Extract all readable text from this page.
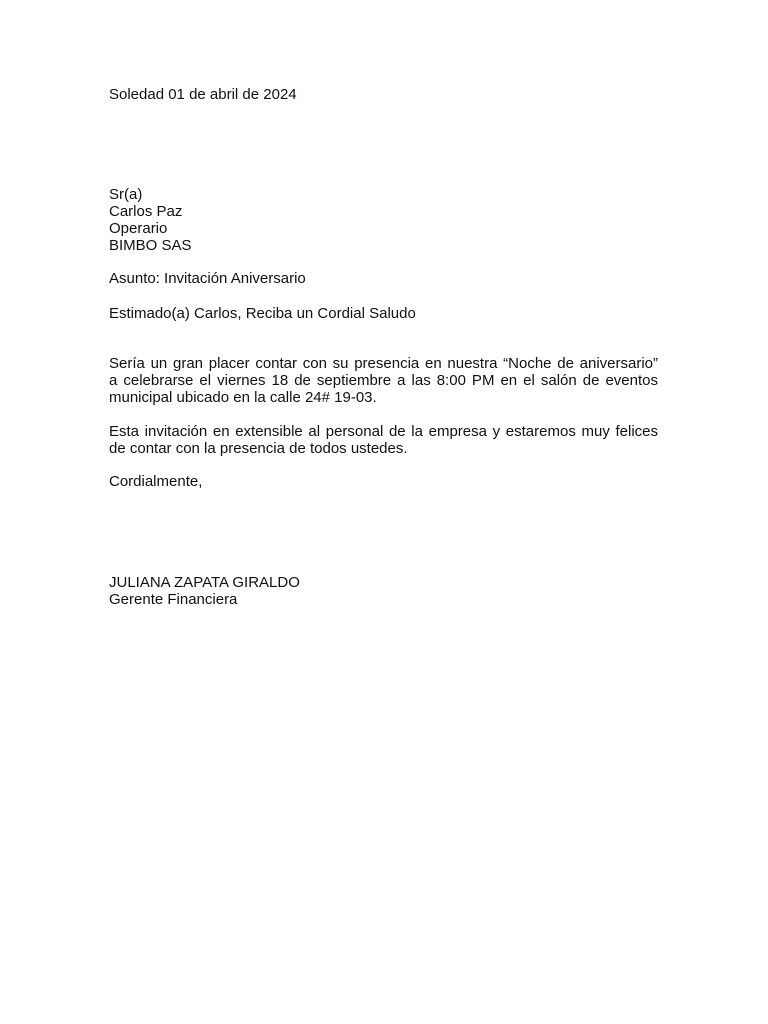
Soledad 01 de abril de 2024

Sr(a)

Carlos Paz

Operario

BIMBO SAS

Asunto: Invitación Aniversario

Estimado(a) Carlos, Reciba un Cordial Saludo

Sería un gran placer contar con su presencia en nuestra “Noche de aniversario”
a celebrarse el viernes 18 de septiembre a las 8:00 PM en el salón de eventos
municipal ubicado en la calle 24# 19-03.
Esta invitación en extensible al personal de la empresa y estaremos muy felices
de contar con la presencia de todos ustedes.

Cordialmente,

JULIANA ZAPATA GIRALDO

Gerente Financiera
